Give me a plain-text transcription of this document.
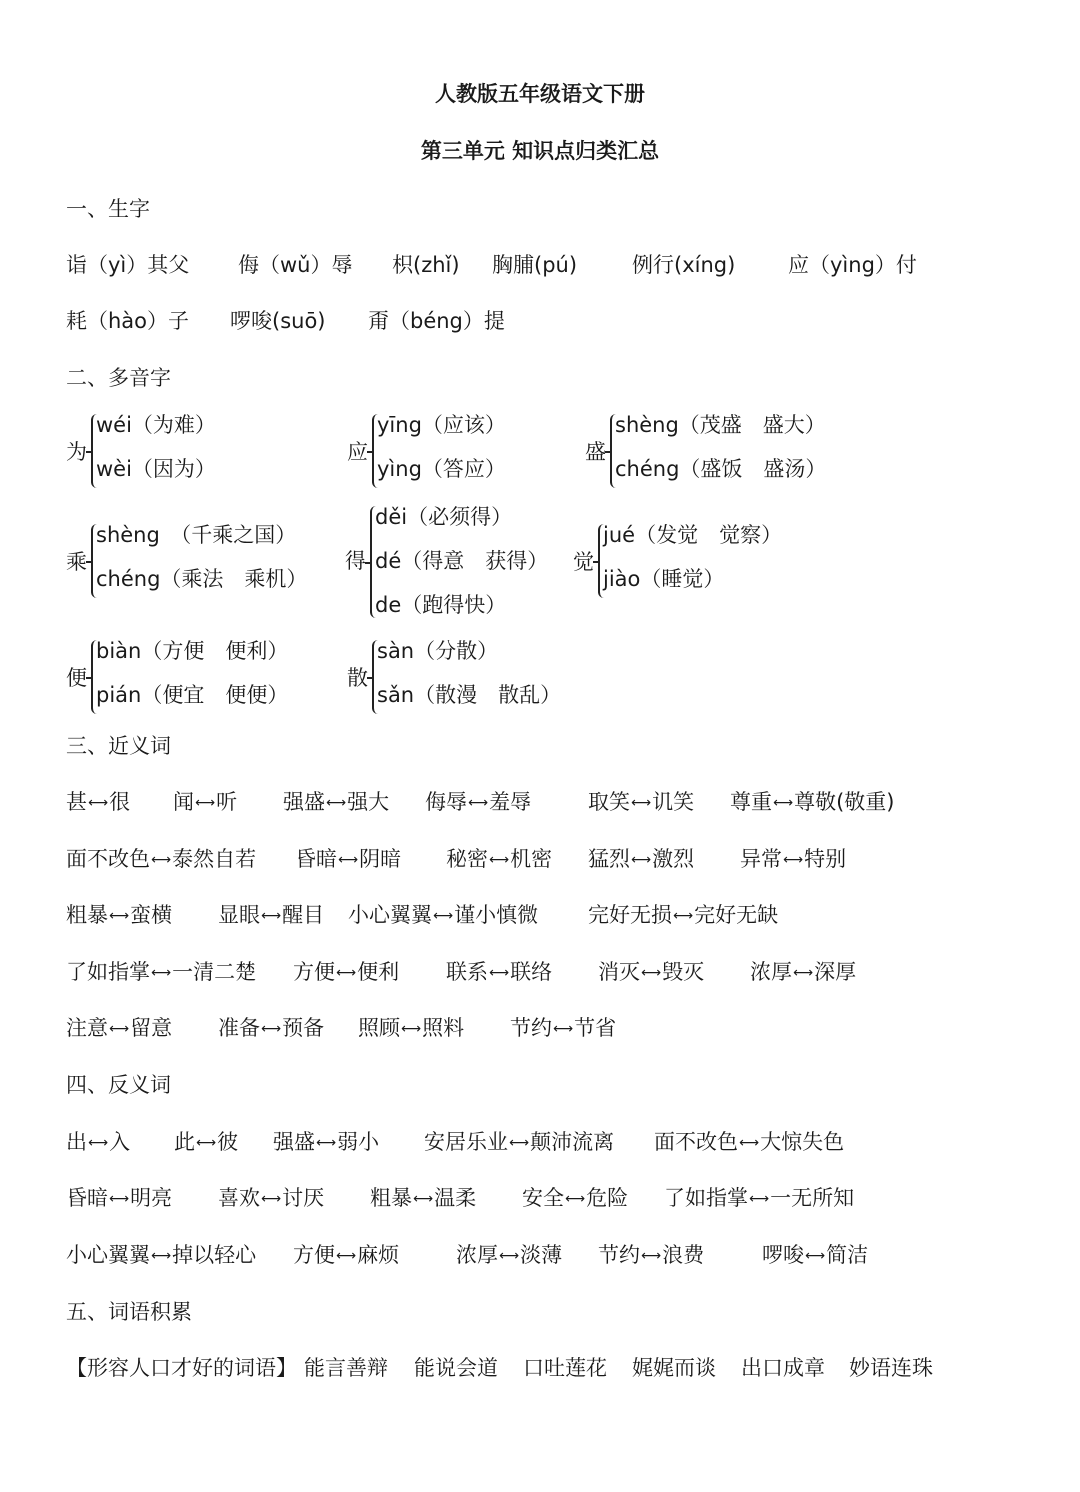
人教版五年级语文下册
第三单元 知识点归类汇总
一、生字
诣（yì）其父 侮（wǔ）辱 枳(zhǐ) 胸脯(pú)	例行(xíng)	应（yìng）付
耗（hào）子 啰唆(suō) 甭（béng）提
二、多音字
为
wéi（为难）
wèi（因为）
应
yīng（应该）
yìng（答应）
盛
shèng（茂盛　盛大）
chéng（盛饭　盛汤）
乘
shèng　（千乘之国）
chéng（乘法　乘机）
得
děi（必须得）
dé（得意　获得）
de（跑得快）
觉
jué（发觉　觉察）
jiào（睡觉）
便
biàn（方便　便利）
pián（便宜　便便）
散
sàn（分散）
sǎn（散漫　散乱）
三、近义词
甚⟷很 闻⟷听 强盛⟷强大 侮辱⟷羞辱	取笑⟷讥笑 尊重⟷尊敬(敬重)
面不改色⟷泰然自若 昏暗⟷阴暗 秘密⟷机密 猛烈⟷激烈 异常⟷特别
粗暴⟷蛮横 显眼⟷醒目 小心翼翼⟷谨小慎微 完好无损⟷完好无缺
了如指掌⟷一清二楚 方便⟷便利 联系⟷联络 消灭⟷毁灭 浓厚⟷深厚
注意⟷留意 准备⟷预备 照顾⟷照料 节约⟷节省
四、反义词
出⟷入 此⟷彼 强盛⟷弱小 安居乐业⟷颠沛流离 面不改色⟷大惊失色
昏暗⟷明亮 喜欢⟷讨厌 粗暴⟷温柔 安全⟷危险 了如指掌⟷一无所知
小心翼翼⟷掉以轻心 方便⟷麻烦	浓厚⟷淡薄 节约⟷浪费	啰唆⟷简洁
五、词语积累
【形容人口才好的词语】 能言善辩 能说会道 口吐莲花 娓娓而谈 出口成章 妙语连珠
